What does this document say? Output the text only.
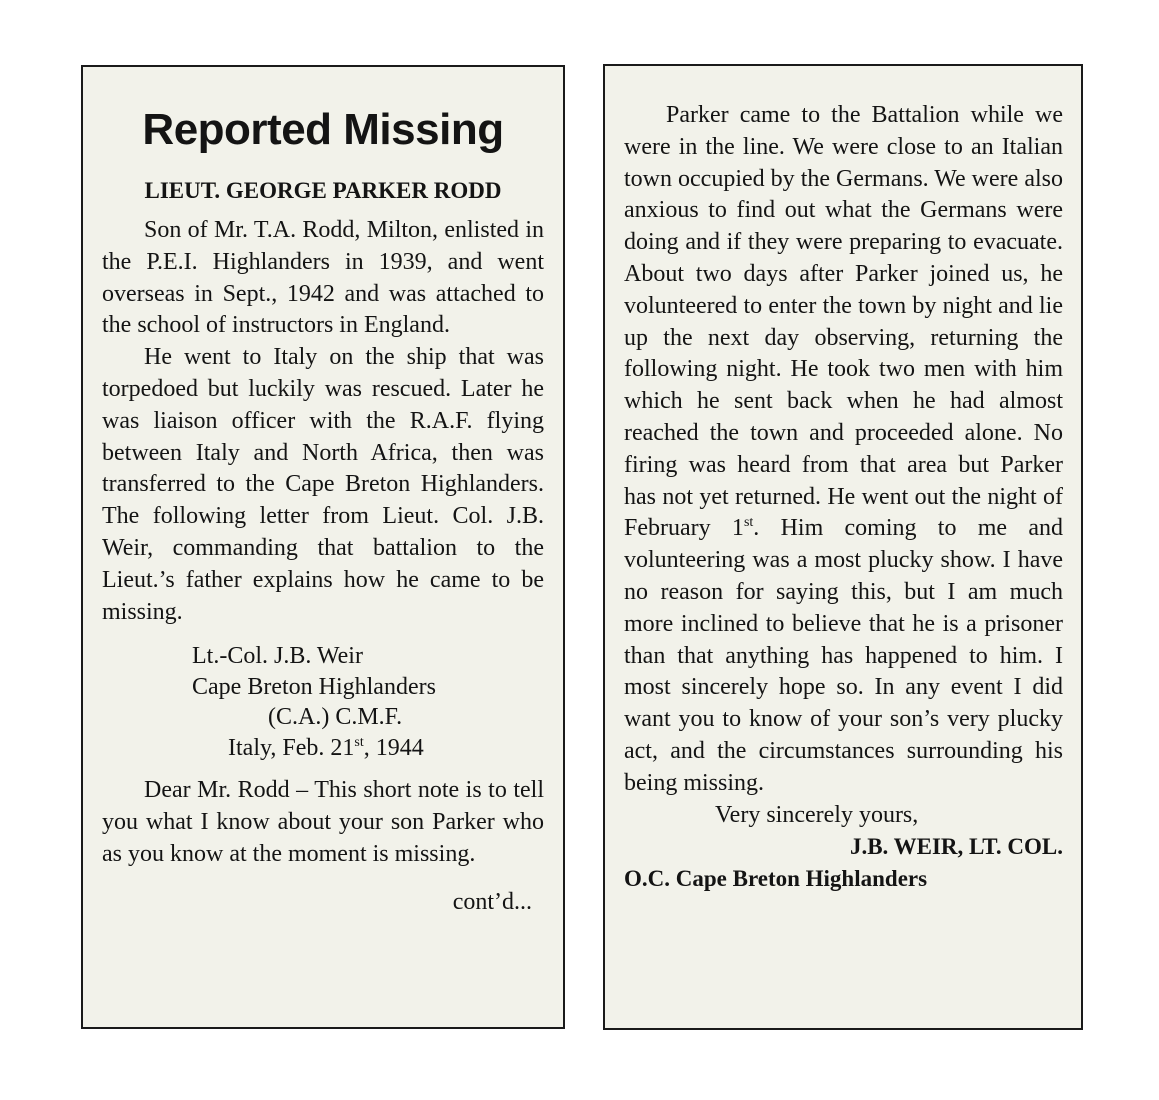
Reported Missing
LIEUT. GEORGE PARKER RODD

Son of Mr. T.A. Rodd, Milton, enlisted in the P.E.I. Highlanders in 1939, and went overseas in Sept., 1942 and was attached to the school of instructors in England.

He went to Italy on the ship that was torpedoed but luckily was rescued. Later he was liaison officer with the R.A.F. flying between Italy and North Africa, then was transferred to the Cape Breton Highlanders. The following letter from Lieut. Col. J.B. Weir, commanding that battalion to the Lieut.’s father explains how he came to be missing.

Lt.-Col. J.B. Weir
Cape Breton Highlanders
(C.A.) C.M.F.
Italy, Feb. 21st, 1944

Dear Mr. Rodd – This short note is to tell you what I know about your son Parker who as you know at the moment is missing.

cont’d...

Parker came to the Battalion while we were in the line. We were close to an Italian town occupied by the Germans. We were also anxious to find out what the Germans were doing and if they were preparing to evacuate. About two days after Parker joined us, he volunteered to enter the town by night and lie up the next day observing, returning the following night. He took two men with him which he sent back when he had almost reached the town and proceeded alone. No firing was heard from that area but Parker has not yet returned. He went out the night of February 1st. Him coming to me and volunteering was a most plucky show. I have no reason for saying this, but I am much more inclined to believe that he is a prisoner than that anything has happened to him. I most sincerely hope so. In any event I did want you to know of your son’s very plucky act, and the circumstances surrounding his being missing.

Very sincerely yours,

J.B. WEIR, LT. COL.

O.C. Cape Breton Highlanders
